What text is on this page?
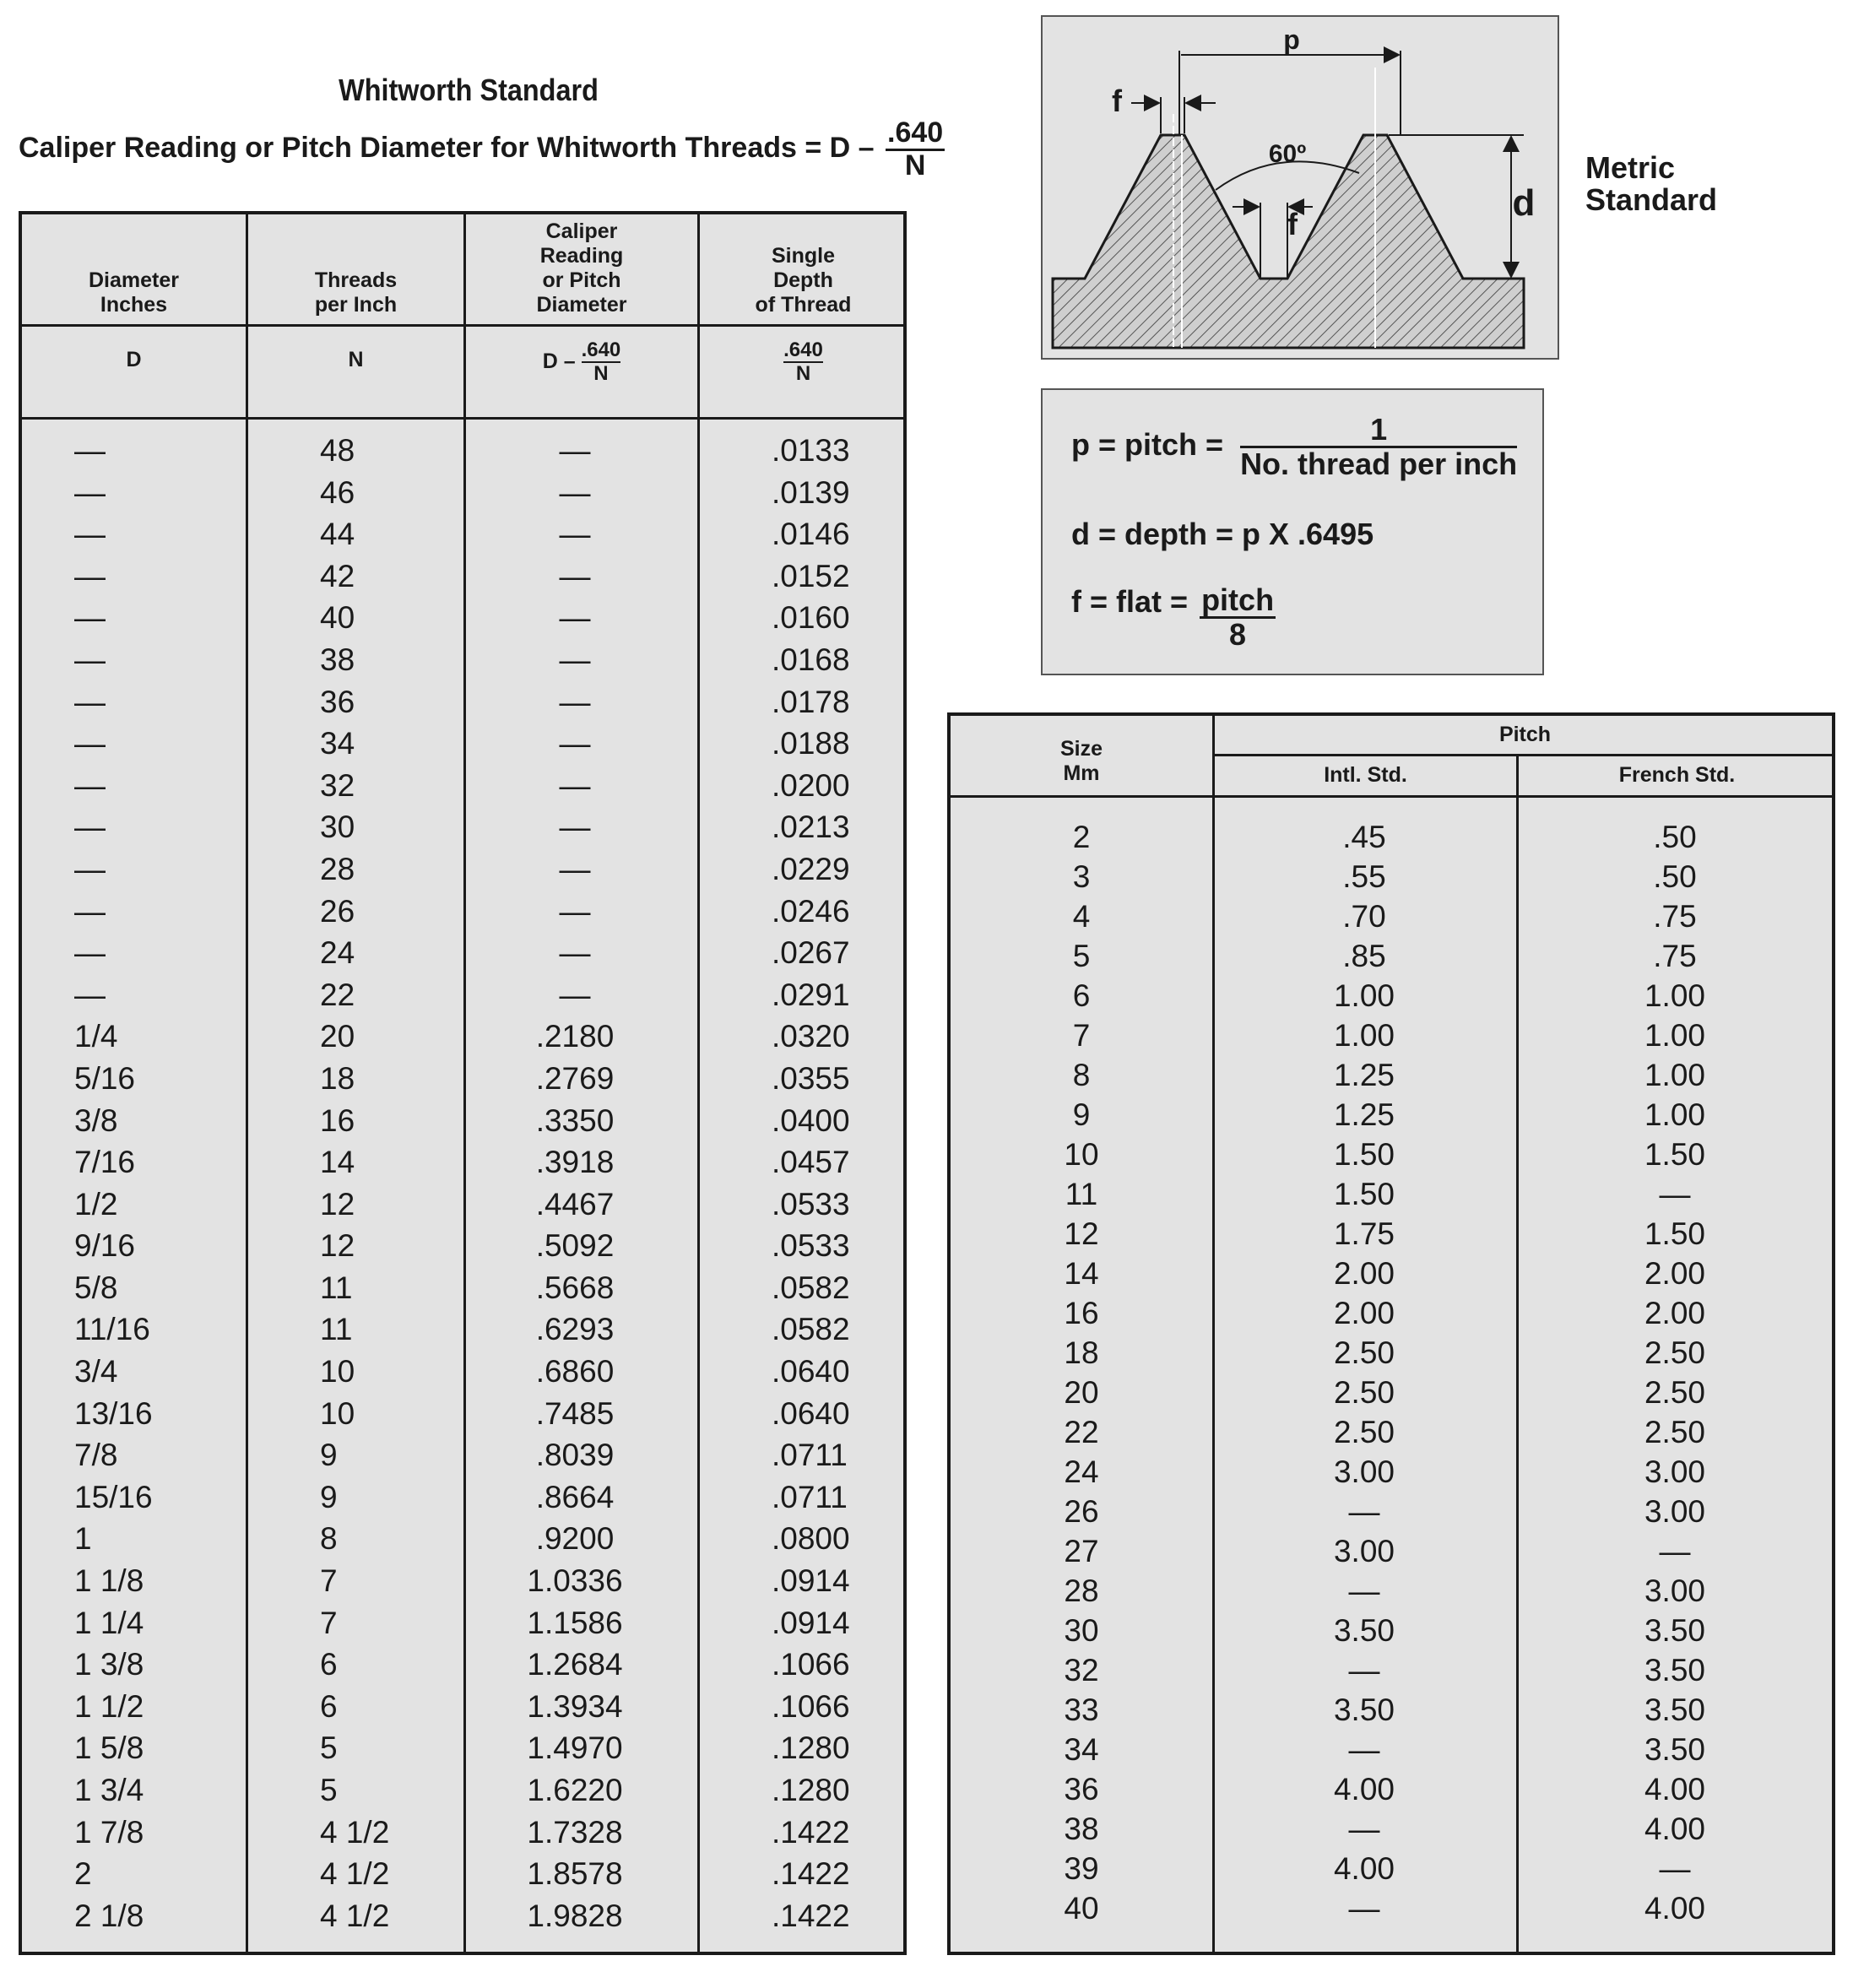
Whitworth Standard
Caliper Reading or Pitch Diameter for Whitworth Threads = D – $\frac{.640}{N}$
Diameter
Inches
Threads
per Inch
Caliper
Reading
or Pitch
Diameter
Single
Depth
of Thread
D	N	D – $\frac{.640}{N}$	$\frac{.640}{N}$
—	48	—	.0133
—	46	—	.0139
—	44	—	.0146
—	42	—	.0152
—	40	—	.0160
—	38	—	.0168
—	36	—	.0178
—	34	—	.0188
—	32	—	.0200
—	30	—	.0213
—	28	—	.0229
—	26	—	.0246
—	24	—	.0267
—	22	—	.0291
1/4	20	.2180	.0320
5/16	18	.2769	.0355
3/8	16	.3350	.0400
7/16	14	.3918	.0457
1/2	12	.4467	.0533
9/16	12	.5092	.0533
5/8	11	.5668	.0582
11/16	11	.6293	.0582
3/4	10	.6860	.0640
13/16	10	.7485	.0640
7/8	9	.8039	.0711
15/16	9	.8664	.0711
1	8	.9200	.0800
1 1/8	7	1.0336	.0914
1 1/4	7	1.1586	.0914
1 3/8	6	1.2684	.1066
1 1/2	6	1.3934	.1066
1 5/8	5	1.4970	.1280
1 3/4	5	1.6220	.1280
1 7/8	4 1/2	1.7328	.1422
2	4 1/2	1.8578	.1422
2 1/8	4 1/2	1.9828	.1422
p
f
60º
f
d
Metric
Standard
p = pitch = $\frac{1}{\text{No. thread per inch}}$
d = depth = p X .6495
f = flat = $\frac{\text{pitch}}{8}$
Size
Mm
Pitch
Intl. Std.	French Std.
2	.45	.50
3	.55	.50
4	.70	.75
5	.85	.75
6	1.00	1.00
7	1.00	1.00
8	1.25	1.00
9	1.25	1.00
10	1.50	1.50
11	1.50	—
12	1.75	1.50
14	2.00	2.00
16	2.00	2.00
18	2.50	2.50
20	2.50	2.50
22	2.50	2.50
24	3.00	3.00
26	—	3.00
27	3.00	—
28	—	3.00
30	3.50	3.50
32	—	3.50
33	3.50	3.50
34	—	3.50
36	4.00	4.00
38	—	4.00
39	4.00	—
40	—	4.00
